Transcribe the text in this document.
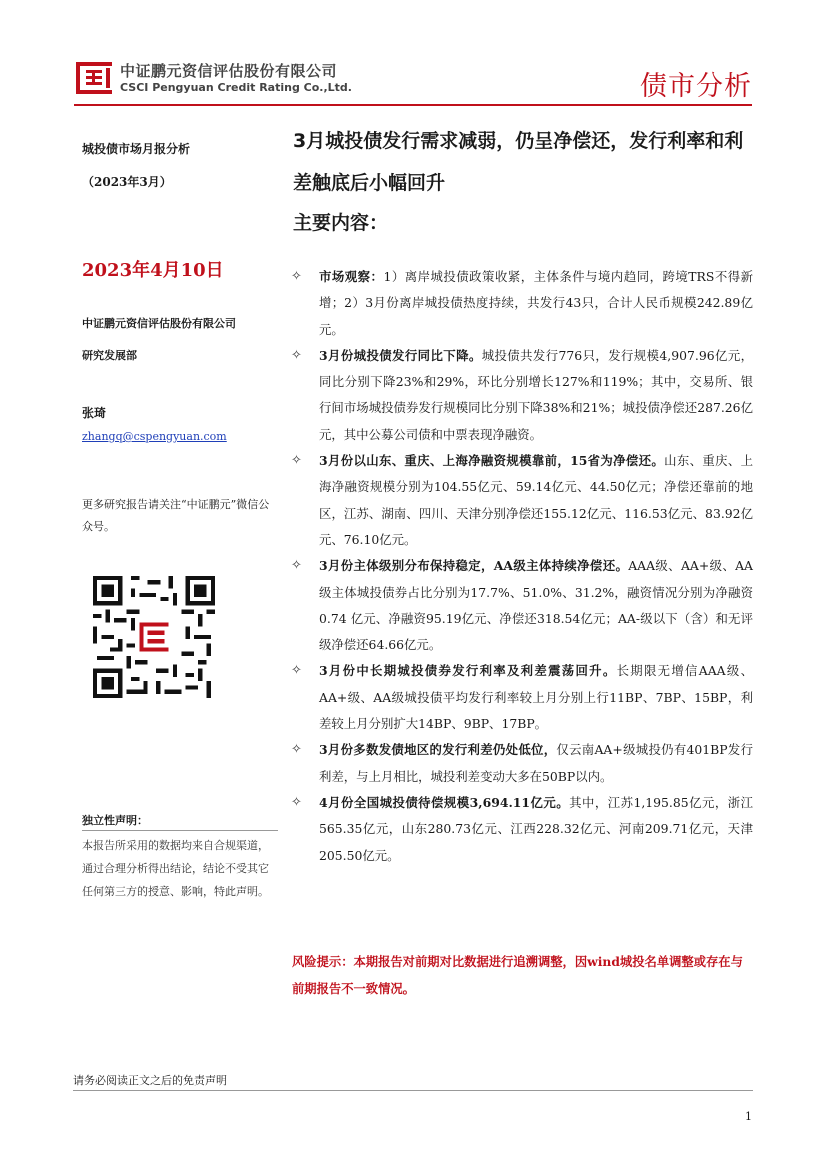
中证鹏元资信评估股份有限公司
CSCI Pengyuan Credit Rating Co.,Ltd.	债市分析
城投债市场月报分析
（2023年3月）
2023年4月10日
中证鹏元资信评估股份有限公司
研究发展部
张琦
zhangq@cspengyuan.com
更多研究报告请关注“中证鹏元”微信公众号。
独立性声明：
本报告所采用的数据均来自合规渠道，通过合理分析得出结论，结论不受其它任何第三方的授意、影响，特此声明。
3月城投债发行需求减弱，仍呈净偿还，发行利率和利差触底后小幅回升
主要内容：
✧ 市场观察：1）离岸城投债政策收紧，主体条件与境内趋同，跨境TRS不得新增；2）3月份离岸城投债热度持续，共发行43只，合计人民币规模242.89亿元。
✧ 3月份城投债发行同比下降。城投债共发行776只，发行规模4,907.96亿元，同比分别下降23%和29%，环比分别增长127%和119%；其中，交易所、银行间市场城投债券发行规模同比分别下降38%和21%；城投债净偿还287.26亿元，其中公募公司债和中票表现净融资。
✧ 3月份以山东、重庆、上海净融资规模靠前，15省为净偿还。山东、重庆、上海净融资规模分别为104.55亿元、59.14亿元、44.50亿元；净偿还靠前的地区，江苏、湖南、四川、天津分别净偿还155.12亿元、116.53亿元、83.92亿元、76.10亿元。
✧ 3月份主体级别分布保持稳定，AA级主体持续净偿还。AAA级、AA+级、AA级主体城投债券占比分别为17.7%、51.0%、31.2%，融资情况分别为净融资0.74 亿元、净融资95.19亿元、净偿还318.54亿元；AA-级以下（含）和无评级净偿还64.66亿元。
✧ 3月份中长期城投债券发行利率及利差震荡回升。长期限无增信AAA级、AA+级、AA级城投债平均发行利率较上月分别上行11BP、7BP、15BP，利差较上月分别扩大14BP、9BP、17BP。
✧ 3月份多数发债地区的发行利差仍处低位，仅云南AA+级城投仍有401BP发行利差，与上月相比，城投利差变动大多在50BP以内。
✧ 4月份全国城投债待偿规模3,694.11亿元。其中，江苏1,195.85亿元，浙江565.35亿元，山东280.73亿元、江西228.32亿元、河南209.71亿元，天津205.50亿元。
风险提示：本期报告对前期对比数据进行追溯调整，因wind城投名单调整或存在与前期报告不一致情况。
请务必阅读正文之后的免责声明
1
